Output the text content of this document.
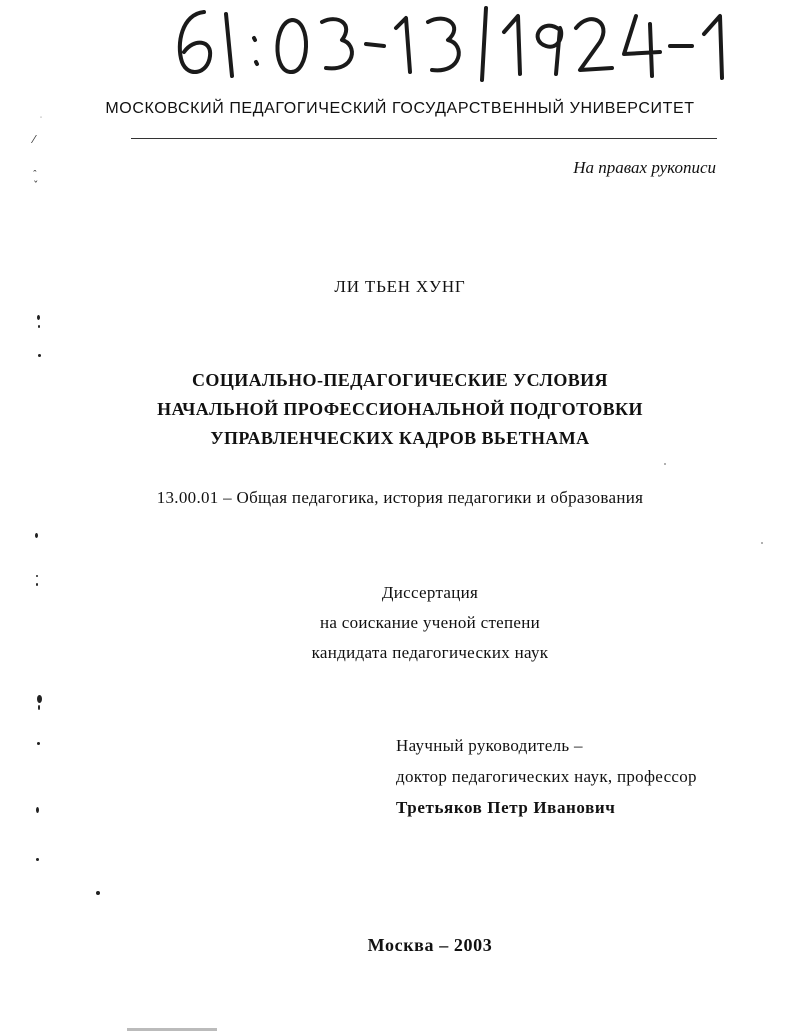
МОСКОВСКИЙ ПЕДАГОГИЧЕСКИЙ ГОСУДАРСТВЕННЫЙ УНИВЕРСИТЕТ
На правах рукописи
ЛИ ТЬЕН ХУНГ
СОЦИАЛЬНО-ПЕДАГОГИЧЕСКИЕ УСЛОВИЯ
НАЧАЛЬНОЙ ПРОФЕССИОНАЛЬНОЙ ПОДГОТОВКИ
УПРАВЛЕНЧЕСКИХ КАДРОВ ВЬЕТНАМА
13.00.01 – Общая педагогика, история педагогики и образования
Диссертация
на соискание ученой степени
кандидата педагогических наук
Научный руководитель –
доктор педагогических наук, профессор
Третьяков Петр Иванович
Москва – 2003
⁄
ꞈ
ˇ
